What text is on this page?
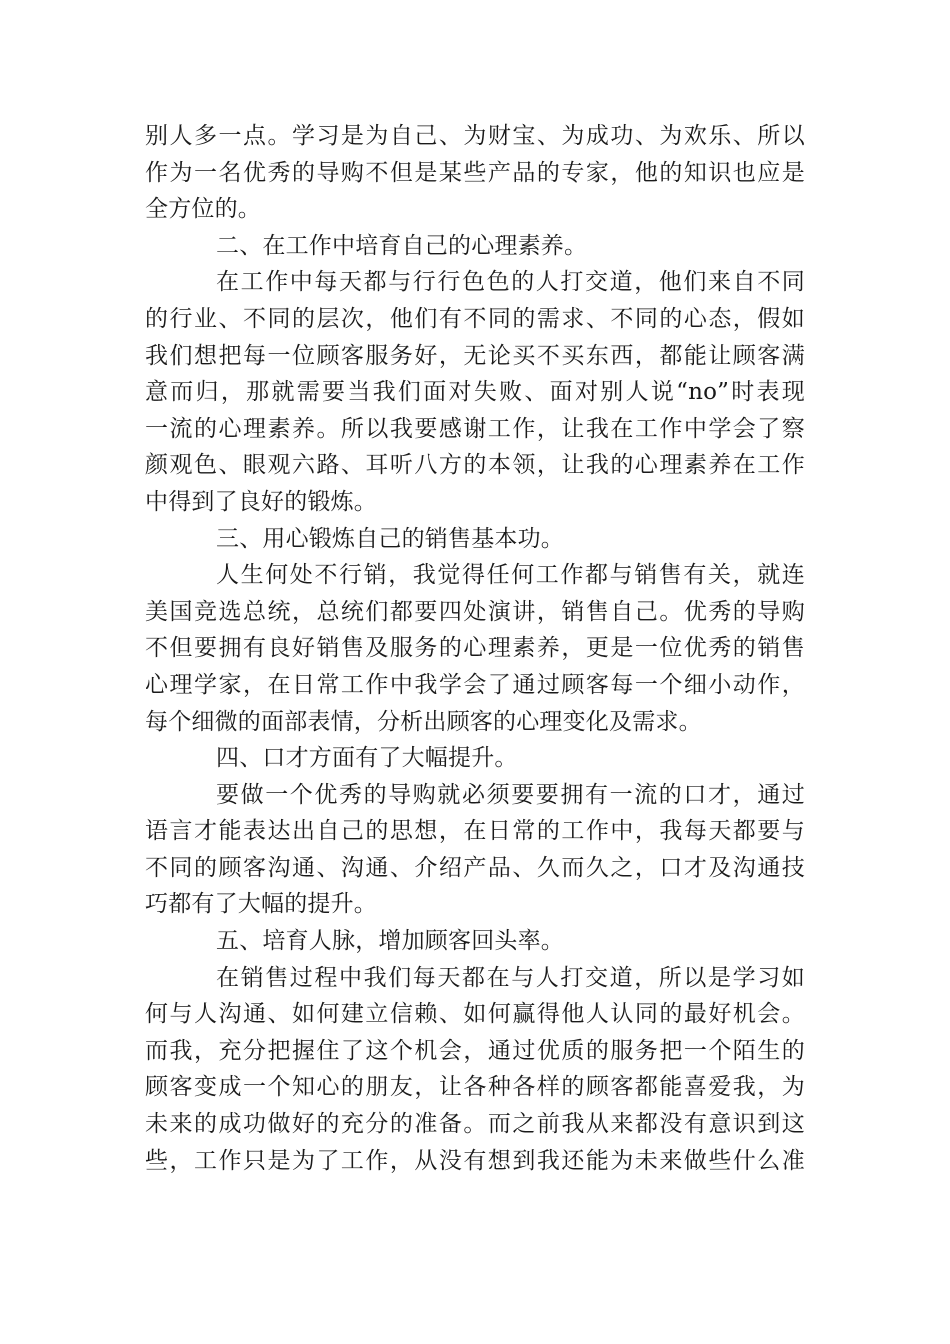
别人多一点。学习是为自己、为财宝、为成功、为欢乐、所以
作为一名优秀的导购不但是某些产品的专家，他的知识也应是
全方位的。
二、在工作中培育自己的心理素养。
在工作中每天都与行行色色的人打交道，他们来自不同
的行业、不同的层次，他们有不同的需求、不同的心态，假如
我们想把每一位顾客服务好，无论买不买东西，都能让顾客满
意而归，那就需要当我们面对失败、面对别人说“no”时表现
一流的心理素养。所以我要感谢工作，让我在工作中学会了察
颜观色、眼观六路、耳听八方的本领，让我的心理素养在工作
中得到了良好的锻炼。
三、用心锻炼自己的销售基本功。
人生何处不行销，我觉得任何工作都与销售有关，就连
美国竞选总统，总统们都要四处演讲，销售自己。优秀的导购
不但要拥有良好销售及服务的心理素养，更是一位优秀的销售
心理学家，在日常工作中我学会了通过顾客每一个细小动作，
每个细微的面部表情，分析出顾客的心理变化及需求。
四、口才方面有了大幅提升。
要做一个优秀的导购就必须要要拥有一流的口才，通过
语言才能表达出自己的思想，在日常的工作中，我每天都要与
不同的顾客沟通、沟通、介绍产品、久而久之，口才及沟通技
巧都有了大幅的提升。
五、培育人脉，增加顾客回头率。
在销售过程中我们每天都在与人打交道，所以是学习如
何与人沟通、如何建立信赖、如何赢得他人认同的最好机会。
而我，充分把握住了这个机会，通过优质的服务把一个陌生的
顾客变成一个知心的朋友，让各种各样的顾客都能喜爱我，为
未来的成功做好的充分的准备。而之前我从来都没有意识到这
些，工作只是为了工作，从没有想到我还能为未来做些什么准
